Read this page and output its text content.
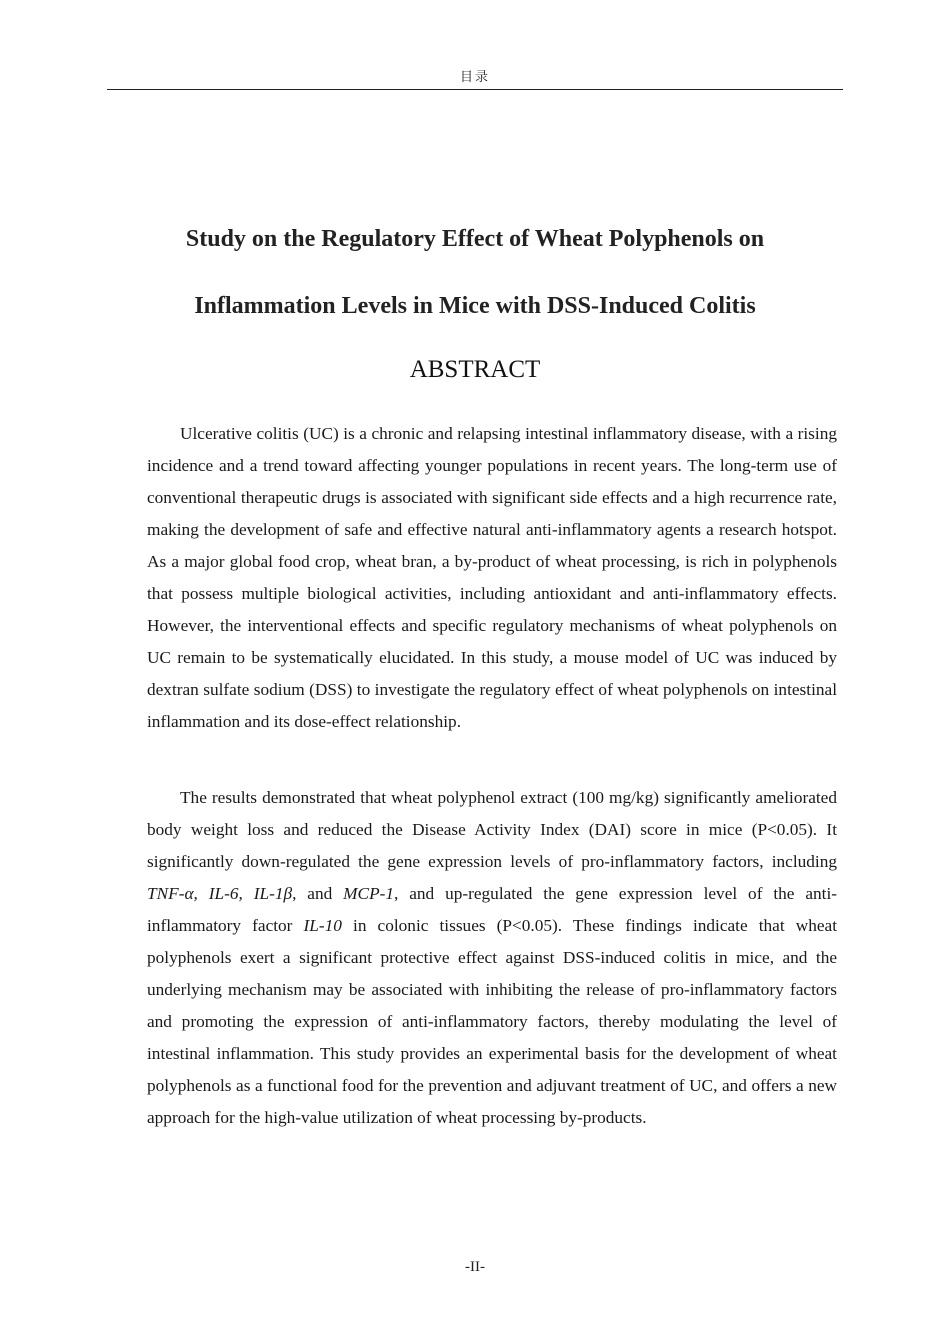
目录
Study on the Regulatory Effect of Wheat Polyphenols on
Inflammation Levels in Mice with DSS-Induced Colitis
ABSTRACT

Ulcerative colitis (UC) is a chronic and relapsing intestinal inflammatory disease, with a rising incidence and a trend toward affecting younger populations in recent years. The long-term use of conventional therapeutic drugs is associated with significant side effects and a high recurrence rate, making the development of safe and effective natural anti-inflammatory agents a research hotspot. As a major global food crop, wheat bran, a by-product of wheat processing, is rich in polyphenols that possess multiple biological activities, including antioxidant and anti-inflammatory effects. However, the interventional effects and specific regulatory mechanisms of wheat polyphenols on UC remain to be systematically elucidated. In this study, a mouse model of UC was induced by dextran sulfate sodium (DSS) to investigate the regulatory effect of wheat polyphenols on intestinal inflammation and its dose-effect relationship.

The results demonstrated that wheat polyphenol extract (100 mg/kg) significantly ameliorated body weight loss and reduced the Disease Activity Index (DAI) score in mice (P<0.05). It significantly down-regulated the gene expression levels of pro-inflammatory factors, including TNF-α, IL-6, IL-1β, and MCP-1, and up-regulated the gene expression level of the anti-inflammatory factor IL-10 in colonic tissues (P<0.05). These findings indicate that wheat polyphenols exert a significant protective effect against DSS-induced colitis in mice, and the underlying mechanism may be associated with inhibiting the release of pro-inflammatory factors and promoting the expression of anti-inflammatory factors, thereby modulating the level of intestinal inflammation. This study provides an experimental basis for the development of wheat polyphenols as a functional food for the prevention and adjuvant treatment of UC, and offers a new approach for the high-value utilization of wheat processing by-products.

-II-
